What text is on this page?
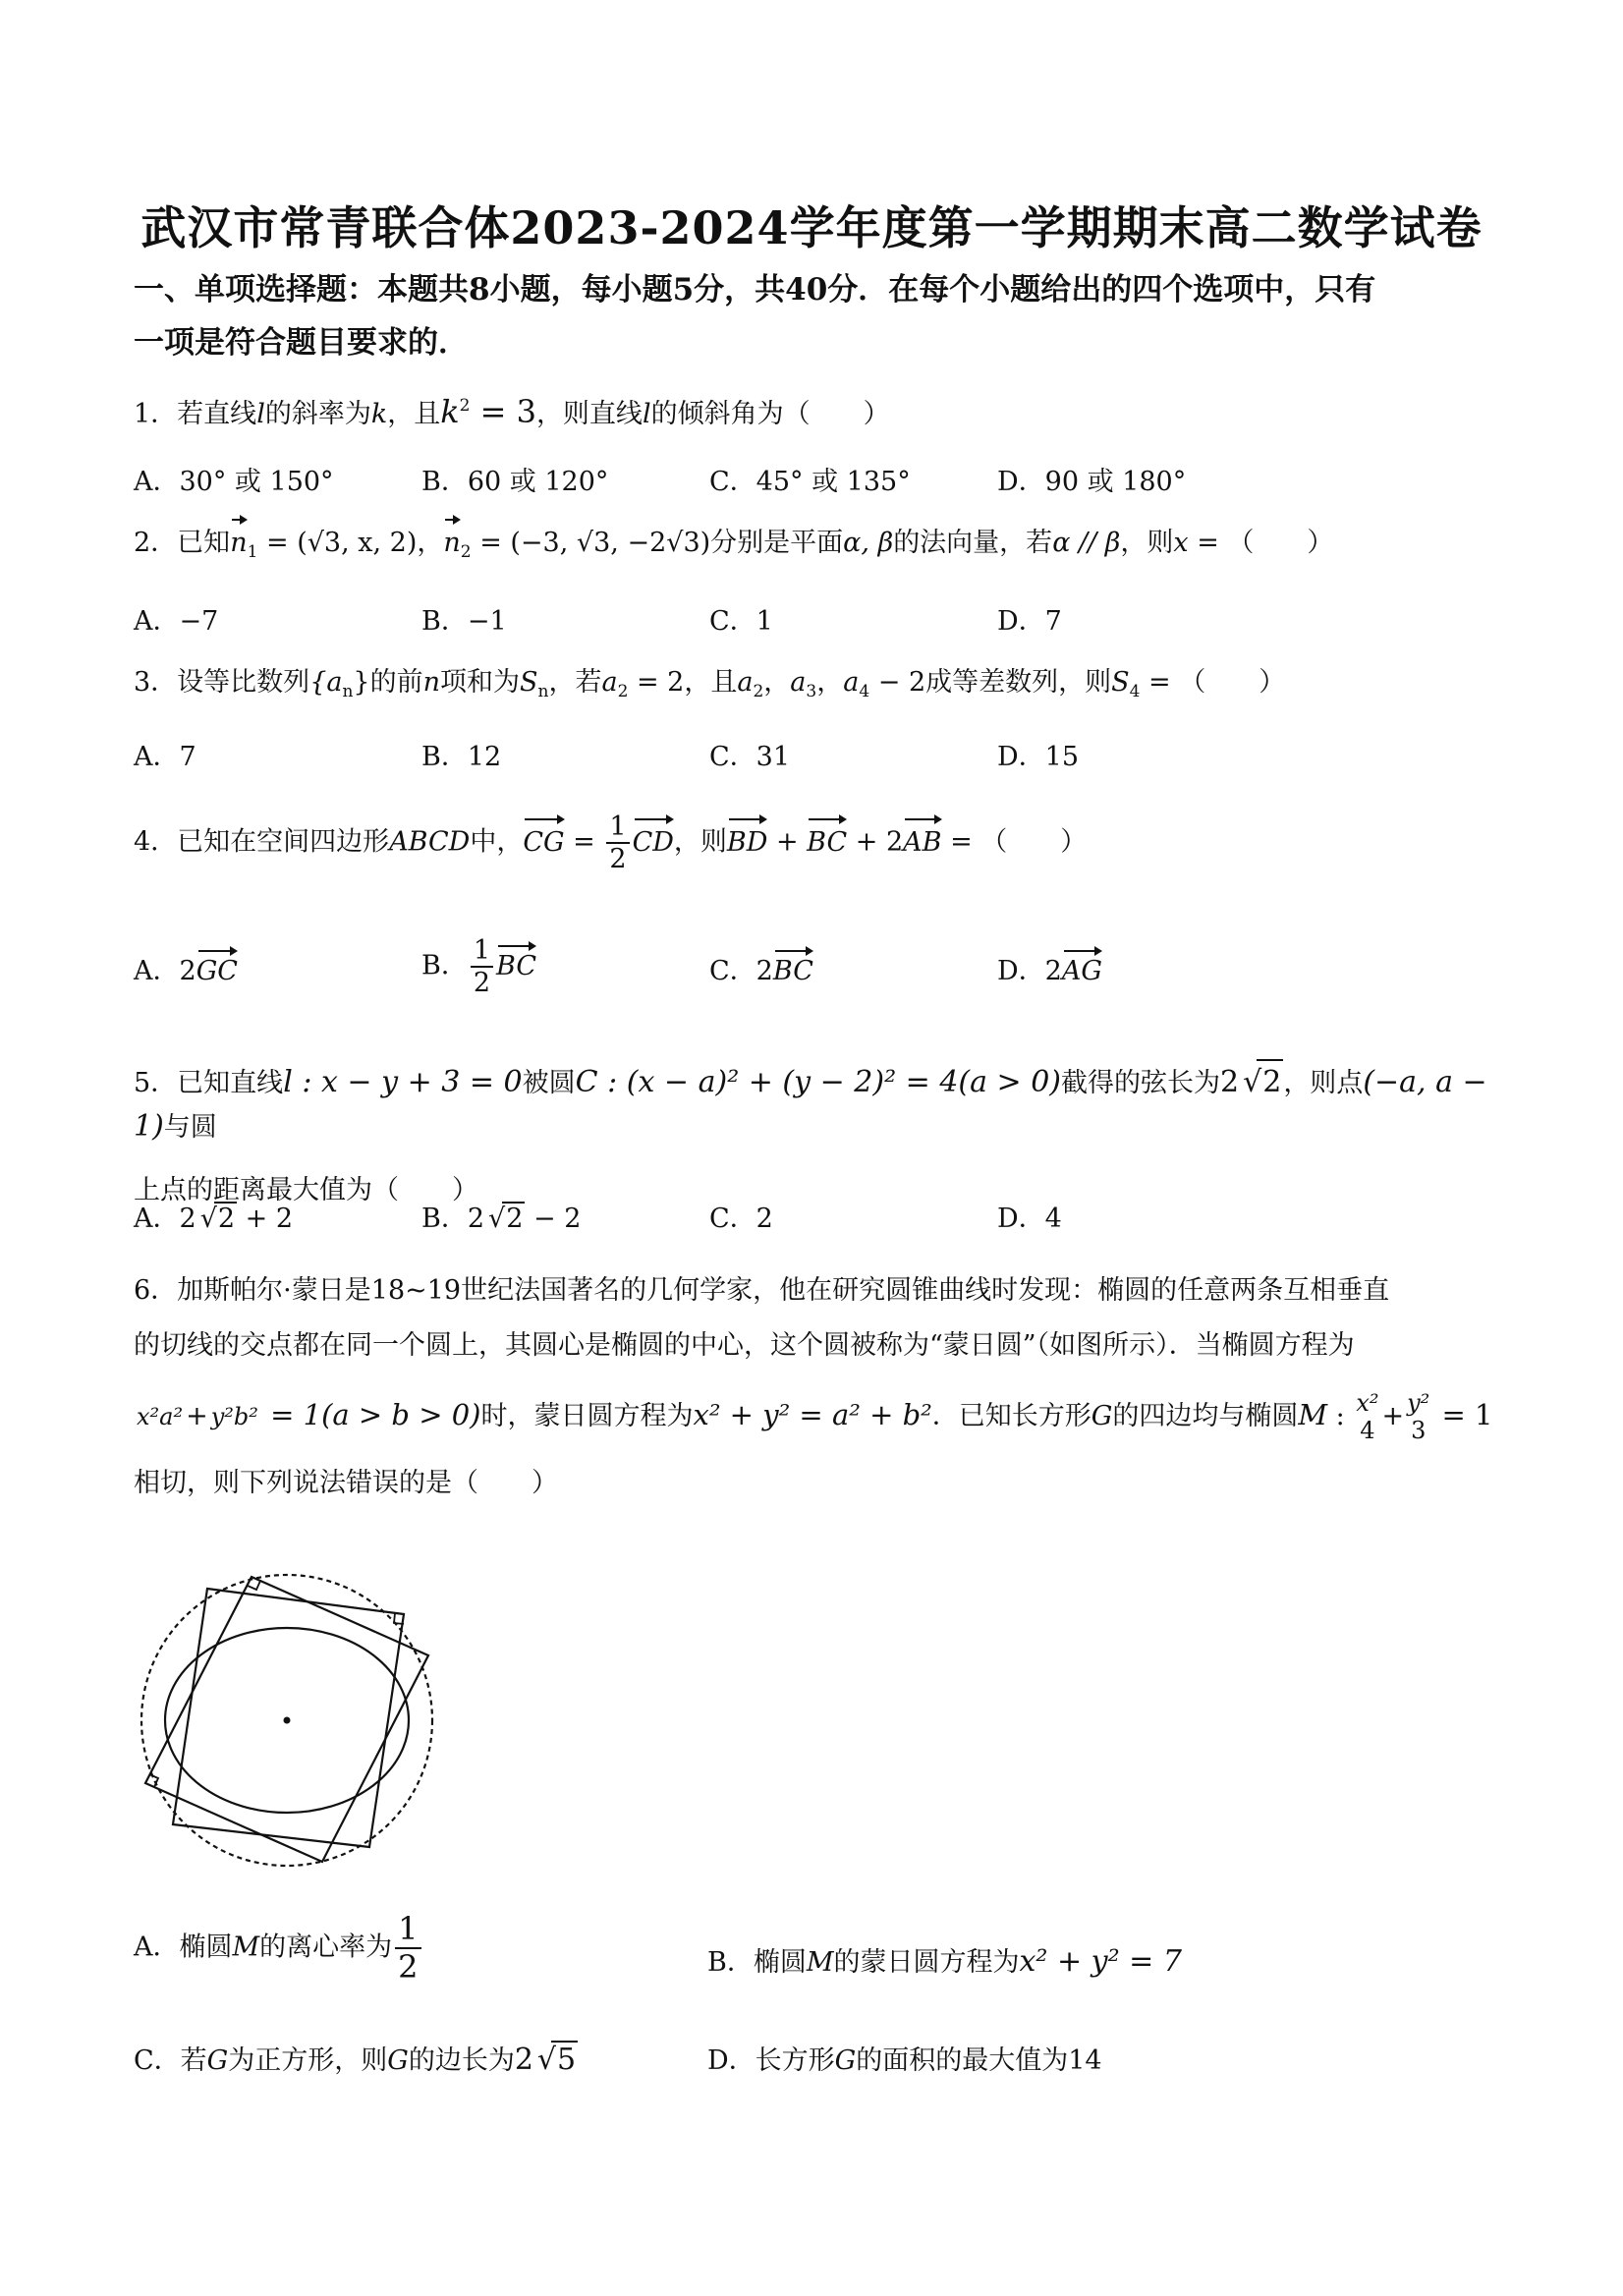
武汉市常青联合体2023-2024学年度第一学期期末高二数学试卷
一、单项选择题：本题共8小题，每小题5分，共40分．在每个小题给出的四个选项中，只有
一项是符合题目要求的．
1．若直线l的斜率为k，且$k^2 = 3$，则直线l的倾斜角为（　　）
A．30° 或 150°	B．60 或 120°	C．45° 或 135°	D．90 或 180°
2．已知$n_1 = (√3$, x, 2)，$n_2 = (-3$, √3, −2√3)分别是平面α, β的法向量，若α // β，则x = （　　）
A．−7	B．−1	C．1	D．7
3．设等比数列$\{a_n\}$的前n项和为$S_n$，若$a_2 = 2$，且$a_2$，$a_3$，$a_4 - 2$成等差数列，则$S_4$ = （　　）
A．7	B．12	C．31	D．15
4．已知在空间四边形ABCD中，CG = $\frac{1}{2}$ CD，则BD + BC + 2AB = （　　）
A．2GC	B． $\frac{1}{2}$ BC	C．2BC	D．2AG
5．已知直线l : x − y + 3 = 0被圆C : (x − a)² + (y − 2)² = 4(a > 0)截得的弦长为2 √ 2，则点(−a, a − 1)与圆
上点的距离最大值为（　　）
A．2 √ 2 + 2	B．2 √ 2 − 2	C．2	D．4
6．加斯帕尔·蒙日是18~19世纪法国著名的几何学家，他在研究圆锥曲线时发现：椭圆的任意两条互相垂直
的切线的交点都在同一个圆上，其圆心是椭圆的中心，这个圆被称为“蒙日圆”（如图所示）．当椭圆方程为
x²a² + y²b² = 1(a > b > 0)时，蒙日圆方程为x² + y² = a² + b²．已知长方形G的四边均与椭圆M : x²
4 + y²
3 = 1
相切，则下列说法错误的是（　　）
A．椭圆M的离心率为 $\frac{1}{2}$	B．椭圆M的蒙日圆方程为x² + y² = 7
C．若G为正方形，则G的边长为2 √ 5	D．长方形G的面积的最大值为14
